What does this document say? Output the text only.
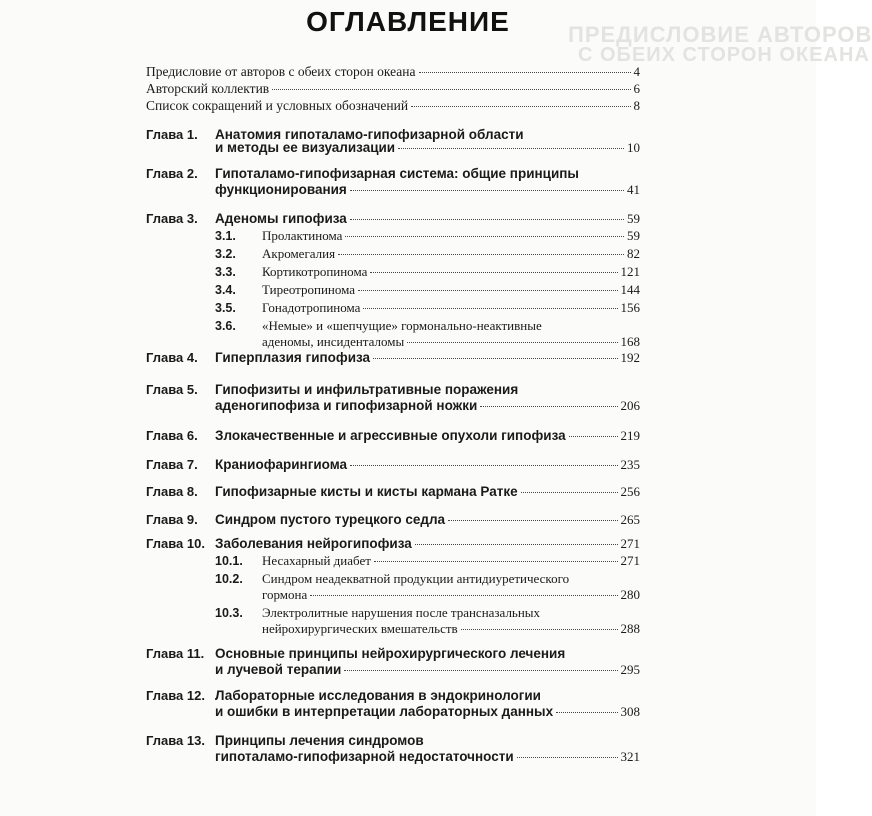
ПРЕДИСЛОВИЕ АВТОРОВ
С ОБЕИХ СТОРОН ОКЕАНА
ОГЛАВЛЕНИЕ
Предисловие от авторов с обеих сторон океана	4
Авторский коллектив	6
Список сокращений и условных обозначений	8
Глава 1. Анатомия гипоталамо-гипофизарной области
и методы ее визуализации	10
Глава 2. Гипоталамо-гипофизарная система: общие принципы
функционирования	41
Глава 3. Аденомы гипофиза	59
3.1.	Пролактинома	59
3.2.	Акромегалия	82
3.3.	Кортикотропинома	121
3.4.	Тиреотропинома	144
3.5.	Гонадотропинома	156
3.6.	«Немые» и «шепчущие» гормонально-неактивные
аденомы, инсиденталомы	168
Глава 4. Гиперплазия гипофиза	192
Глава 5. Гипофизиты и инфильтративные поражения
аденогипофиза и гипофизарной ножки	206
Глава 6. Злокачественные и агрессивные опухоли гипофиза	219
Глава 7. Краниофарингиома	235
Глава 8. Гипофизарные кисты и кисты кармана Ратке	256
Глава 9. Синдром пустого турецкого седла	265
Глава 10. Заболевания нейрогипофиза	271
10.1.	Несахарный диабет	271
10.2.	Синдром неадекватной продукции антидиуретического
гормона	280
10.3.	Электролитные нарушения после трансназальных
нейрохирургических вмешательств	288
Глава 11. Основные принципы нейрохирургического лечения
и лучевой терапии	295
Глава 12. Лабораторные исследования в эндокринологии
и ошибки в интерпретации лабораторных данных	308
Глава 13. Принципы лечения синдромов
гипоталамо-гипофизарной недостаточности	321
